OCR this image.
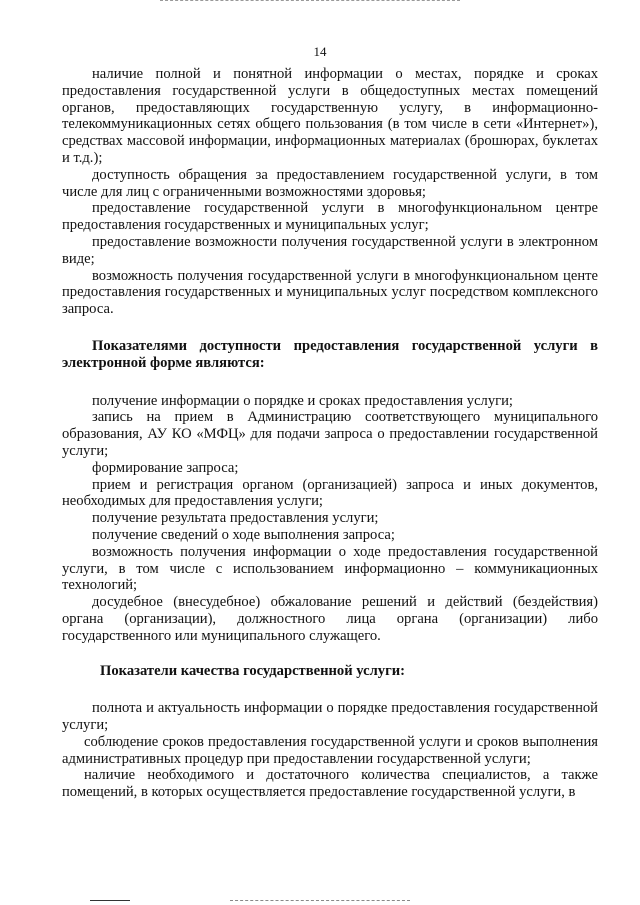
14

наличие полной и понятной информации о местах, порядке и сроках предоставления государственной услуги в общедоступных местах помещений органов, предоставляющих государственную услугу, в информационно-телекоммуникационных сетях общего пользования (в том числе в сети «Интернет»), средствах массовой информации, информационных материалах (брошюрах, буклетах и т.д.);

доступность обращения за предоставлением государственной услуги, в том числе для лиц с ограниченными возможностями здоровья;

предоставление государственной услуги в многофункциональном центре предоставления государственных и муниципальных услуг;

предоставление возможности получения государственной услуги в электронном виде;

возможность получения государственной услуги в многофункциональном центе предоставления государственных и муниципальных услуг посредством комплексного запроса.

Показателями доступности предоставления государственной услуги в электронной форме являются:

получение информации о порядке и сроках предоставления услуги;

запись на прием в Администрацию соответствующего муниципального образования, АУ КО «МФЦ» для подачи запроса о предоставлении государственной услуги;

формирование запроса;

прием и регистрация органом (организацией) запроса и иных документов, необходимых для предоставления услуги;

получение результата предоставления услуги;

получение сведений о ходе выполнения запроса;

возможность получения информации о ходе предоставления государственной услуги, в том числе с использованием информационно – коммуникационных технологий;

досудебное (внесудебное) обжалование решений и действий (бездействия) органа (организации), должностного лица органа (организации) либо государственного или муниципального служащего.

Показатели качества государственной услуги:

полнота и актуальность информации о порядке предоставления государственной услуги;

соблюдение сроков предоставления государственной услуги и сроков выполнения административных процедур при предоставлении государственной услуги;

наличие необходимого и достаточного количества специалистов, а также помещений, в которых осуществляется предоставление государственной услуги, в
